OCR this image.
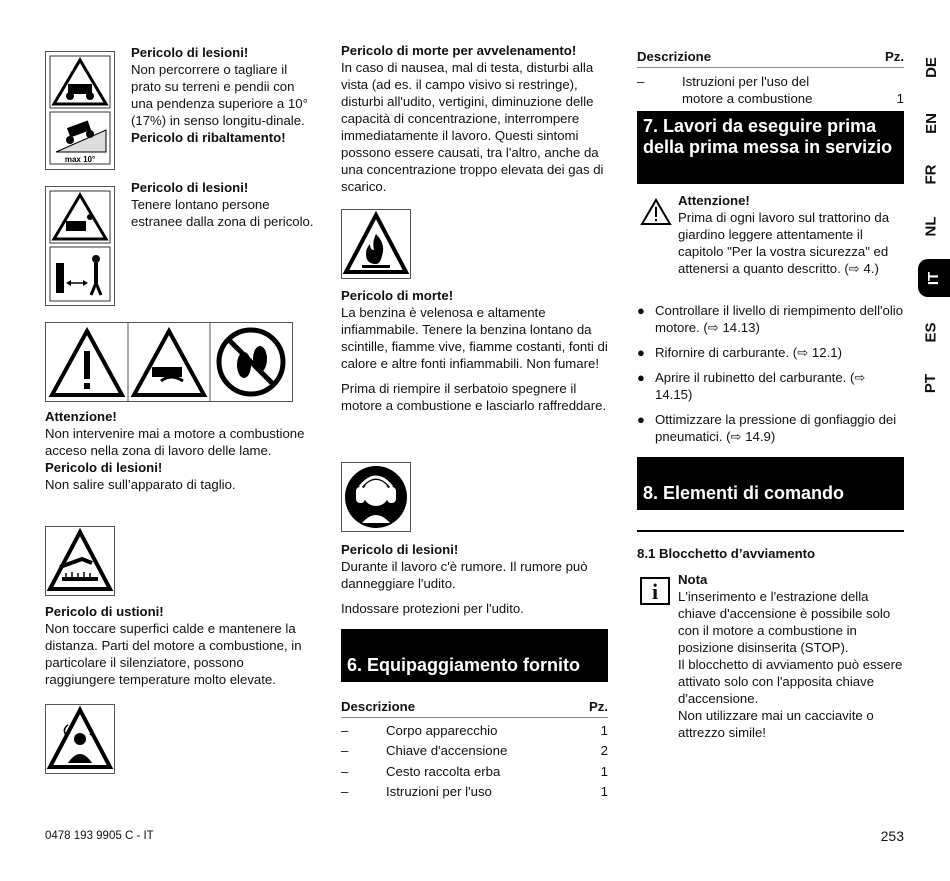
max 10°

Pericolo di lesioni!

Non percorrere o tagliare il prato su terreni e pendii con una pendenza superiore a 10° (17%) in senso longitu-dinale.

Pericolo di ribaltamento!

Pericolo di lesioni!

Tenere lontano persone estranee dalla zona di pericolo.

Attenzione!

Non intervenire mai a motore a combustione acceso nella zona di lavoro delle lame.

Pericolo di lesioni!

Non salire sull’apparato di taglio.

Pericolo di ustioni!

Non toccare superfici calde e mantenere la distanza. Parti del motore a combustione, in particolare il silenziatore, possono raggiungere temperature molto elevate.

Pericolo di morte per avvelenamento!

In caso di nausea, mal di testa, disturbi alla vista (ad es. il campo visivo si restringe), disturbi all'udito, vertigini, diminuzione delle capacità di concentrazione, interrompere immediatamente il lavoro. Questi sintomi possono essere causati, tra l'altro, anche da una concentrazione troppo elevata dei gas di scarico.

Pericolo di morte!

La benzina è velenosa e altamente infiammabile. Tenere la benzina lontano da scintille, fiamme vive, fiamme costanti, fonti di calore e altre fonti infiammabili. Non fumare!

Prima di riempire il serbatoio spegnere il motore a combustione e lasciarlo raffreddare.

Pericolo di lesioni!

Durante il lavoro c'è rumore. Il rumore può danneggiare l'udito.

Indossare protezioni per l'udito.

6. Equipaggiamento fornito
Descrizione	Pz.
–	Corpo apparecchio	1
–	Chiave d'accensione	2
–	Cesto raccolta erba	1
–	Istruzioni per l'uso	1
Descrizione	Pz.
–	Istruzioni per l'uso del motore a combustione	1
7. Lavori da eseguire prima della prima messa in servizio

Attenzione!

Prima di ogni lavoro sul trattorino da giardino leggere attentamente il capitolo "Per la vostra sicurezza" ed attenersi a quanto descritto. (⇨ 4.)

● Controllare il livello di riempimento dell'olio motore. (⇨ 14.13)
● Rifornire di carburante. (⇨ 12.1)
● Aprire il rubinetto del carburante. (⇨ 14.15)
● Ottimizzare la pressione di gonfiaggio dei pneumatici. (⇨ 14.9)
8. Elementi di comando
8.1 Blocchetto d’avviamento
i Nota

L'inserimento e l'estrazione della chiave d'accensione è possibile solo con il motore a combustione in posizione disinserita (STOP).

Il blocchetto di avviamento può essere attivato solo con l'apposita chiave d'accensione.

Non utilizzare mai un cacciavite o attrezzo simile!

DE
EN
FR
NL
IT
ES
PT
0478 193 9905 C - IT	253
